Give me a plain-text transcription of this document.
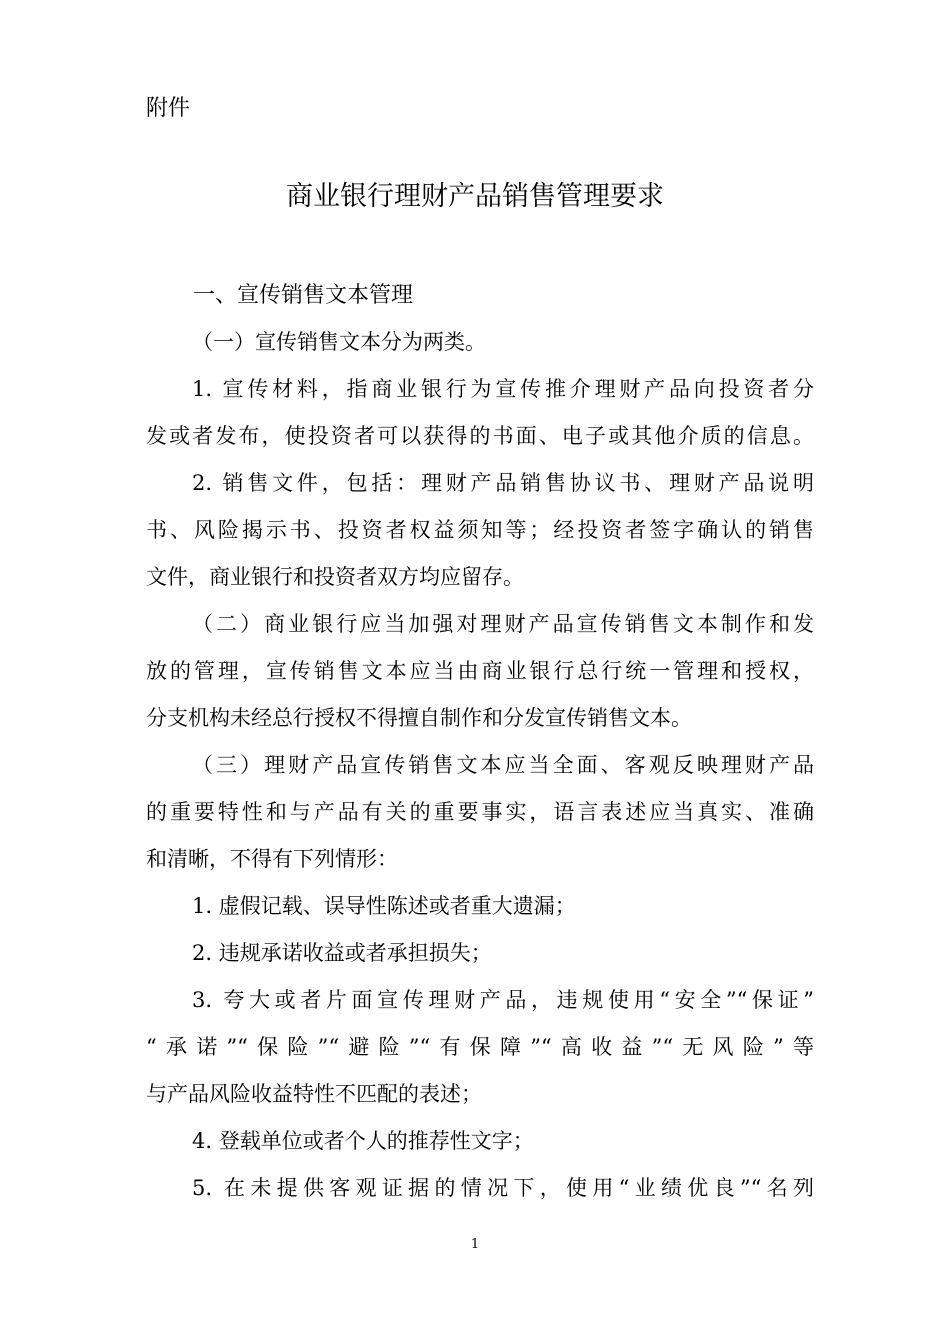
附件
商业银行理财产品销售管理要求
一、宣传销售文本管理
（一）宣传销售文本分为两类。
1. 宣传材料，指商业银行为宣传推介理财产品向投资者分
发或者发布，使投资者可以获得的书面、电子或其他介质的信息。
2. 销售文件，包括：理财产品销售协议书、理财产品说明
书、风险揭示书、投资者权益须知等；经投资者签字确认的销售
文件，商业银行和投资者双方均应留存。
（二）商业银行应当加强对理财产品宣传销售文本制作和发
放的管理，宣传销售文本应当由商业银行总行统一管理和授权，
分支机构未经总行授权不得擅自制作和分发宣传销售文本。
（三）理财产品宣传销售文本应当全面、客观反映理财产品
的重要特性和与产品有关的重要事实，语言表述应当真实、准确
和清晰，不得有下列情形：
1. 虚假记载、误导性陈述或者重大遗漏；
2. 违规承诺收益或者承担损失；
3. 夸大或者片面宣传理财产品，违规使用“安全”“保证”
“承诺”“保险”“避险”“有保障”“高收益”“无风险”等
与产品风险收益特性不匹配的表述；
4. 登载单位或者个人的推荐性文字；
5. 在未提供客观证据的情况下，使用“业绩优良”“名列
1
